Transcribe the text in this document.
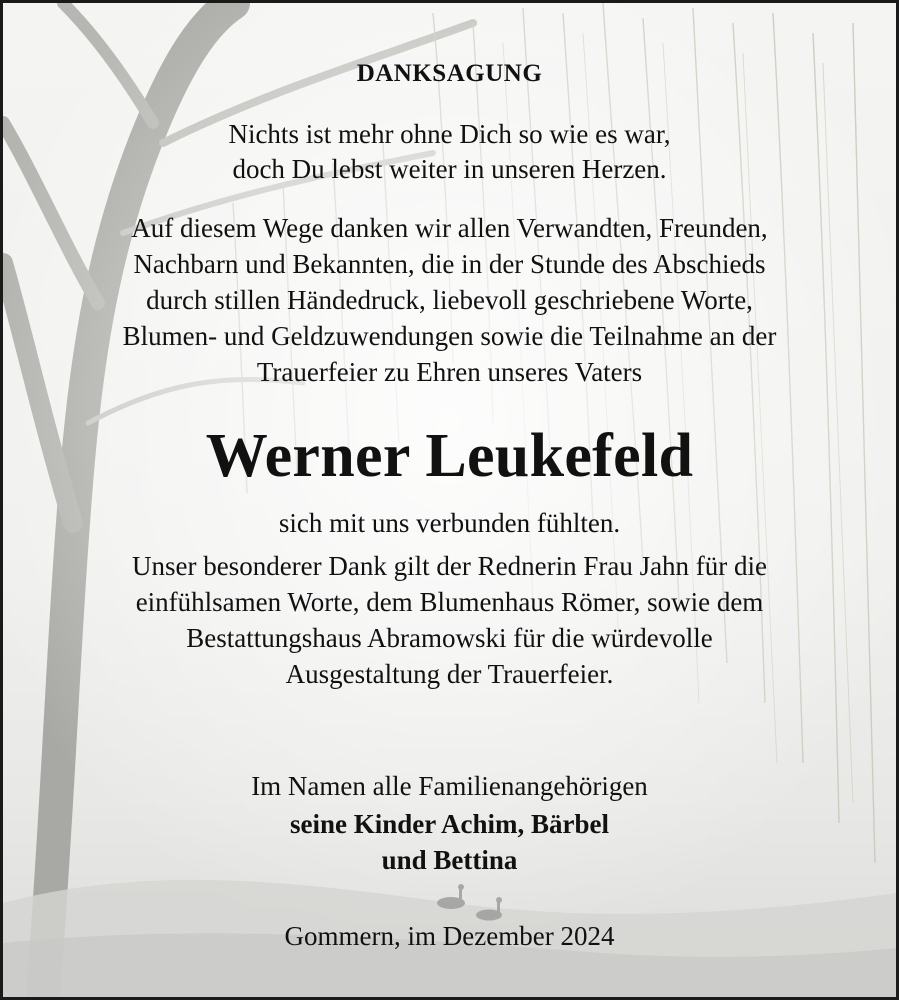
DANKSAGUNG
Nichts ist mehr ohne Dich so wie es war,
doch Du lebst weiter in unseren Herzen.
Auf diesem Wege danken wir allen Verwandten, Freunden,
Nachbarn und Bekannten, die in der Stunde des Abschieds
durch stillen Händedruck, liebevoll geschriebene Worte,
Blumen- und Geldzuwendungen sowie die Teilnahme an der
Trauerfeier zu Ehren unseres Vaters
Werner Leukefeld
sich mit uns verbunden fühlten.
Unser besonderer Dank gilt der Rednerin Frau Jahn für die
einfühlsamen Worte, dem Blumenhaus Römer, sowie dem
Bestattungshaus Abramowski für die würdevolle
Ausgestaltung der Trauerfeier.
Im Namen alle Familienangehörigen
seine Kinder Achim, Bärbel
und Bettina
Gommern, im Dezember 2024
